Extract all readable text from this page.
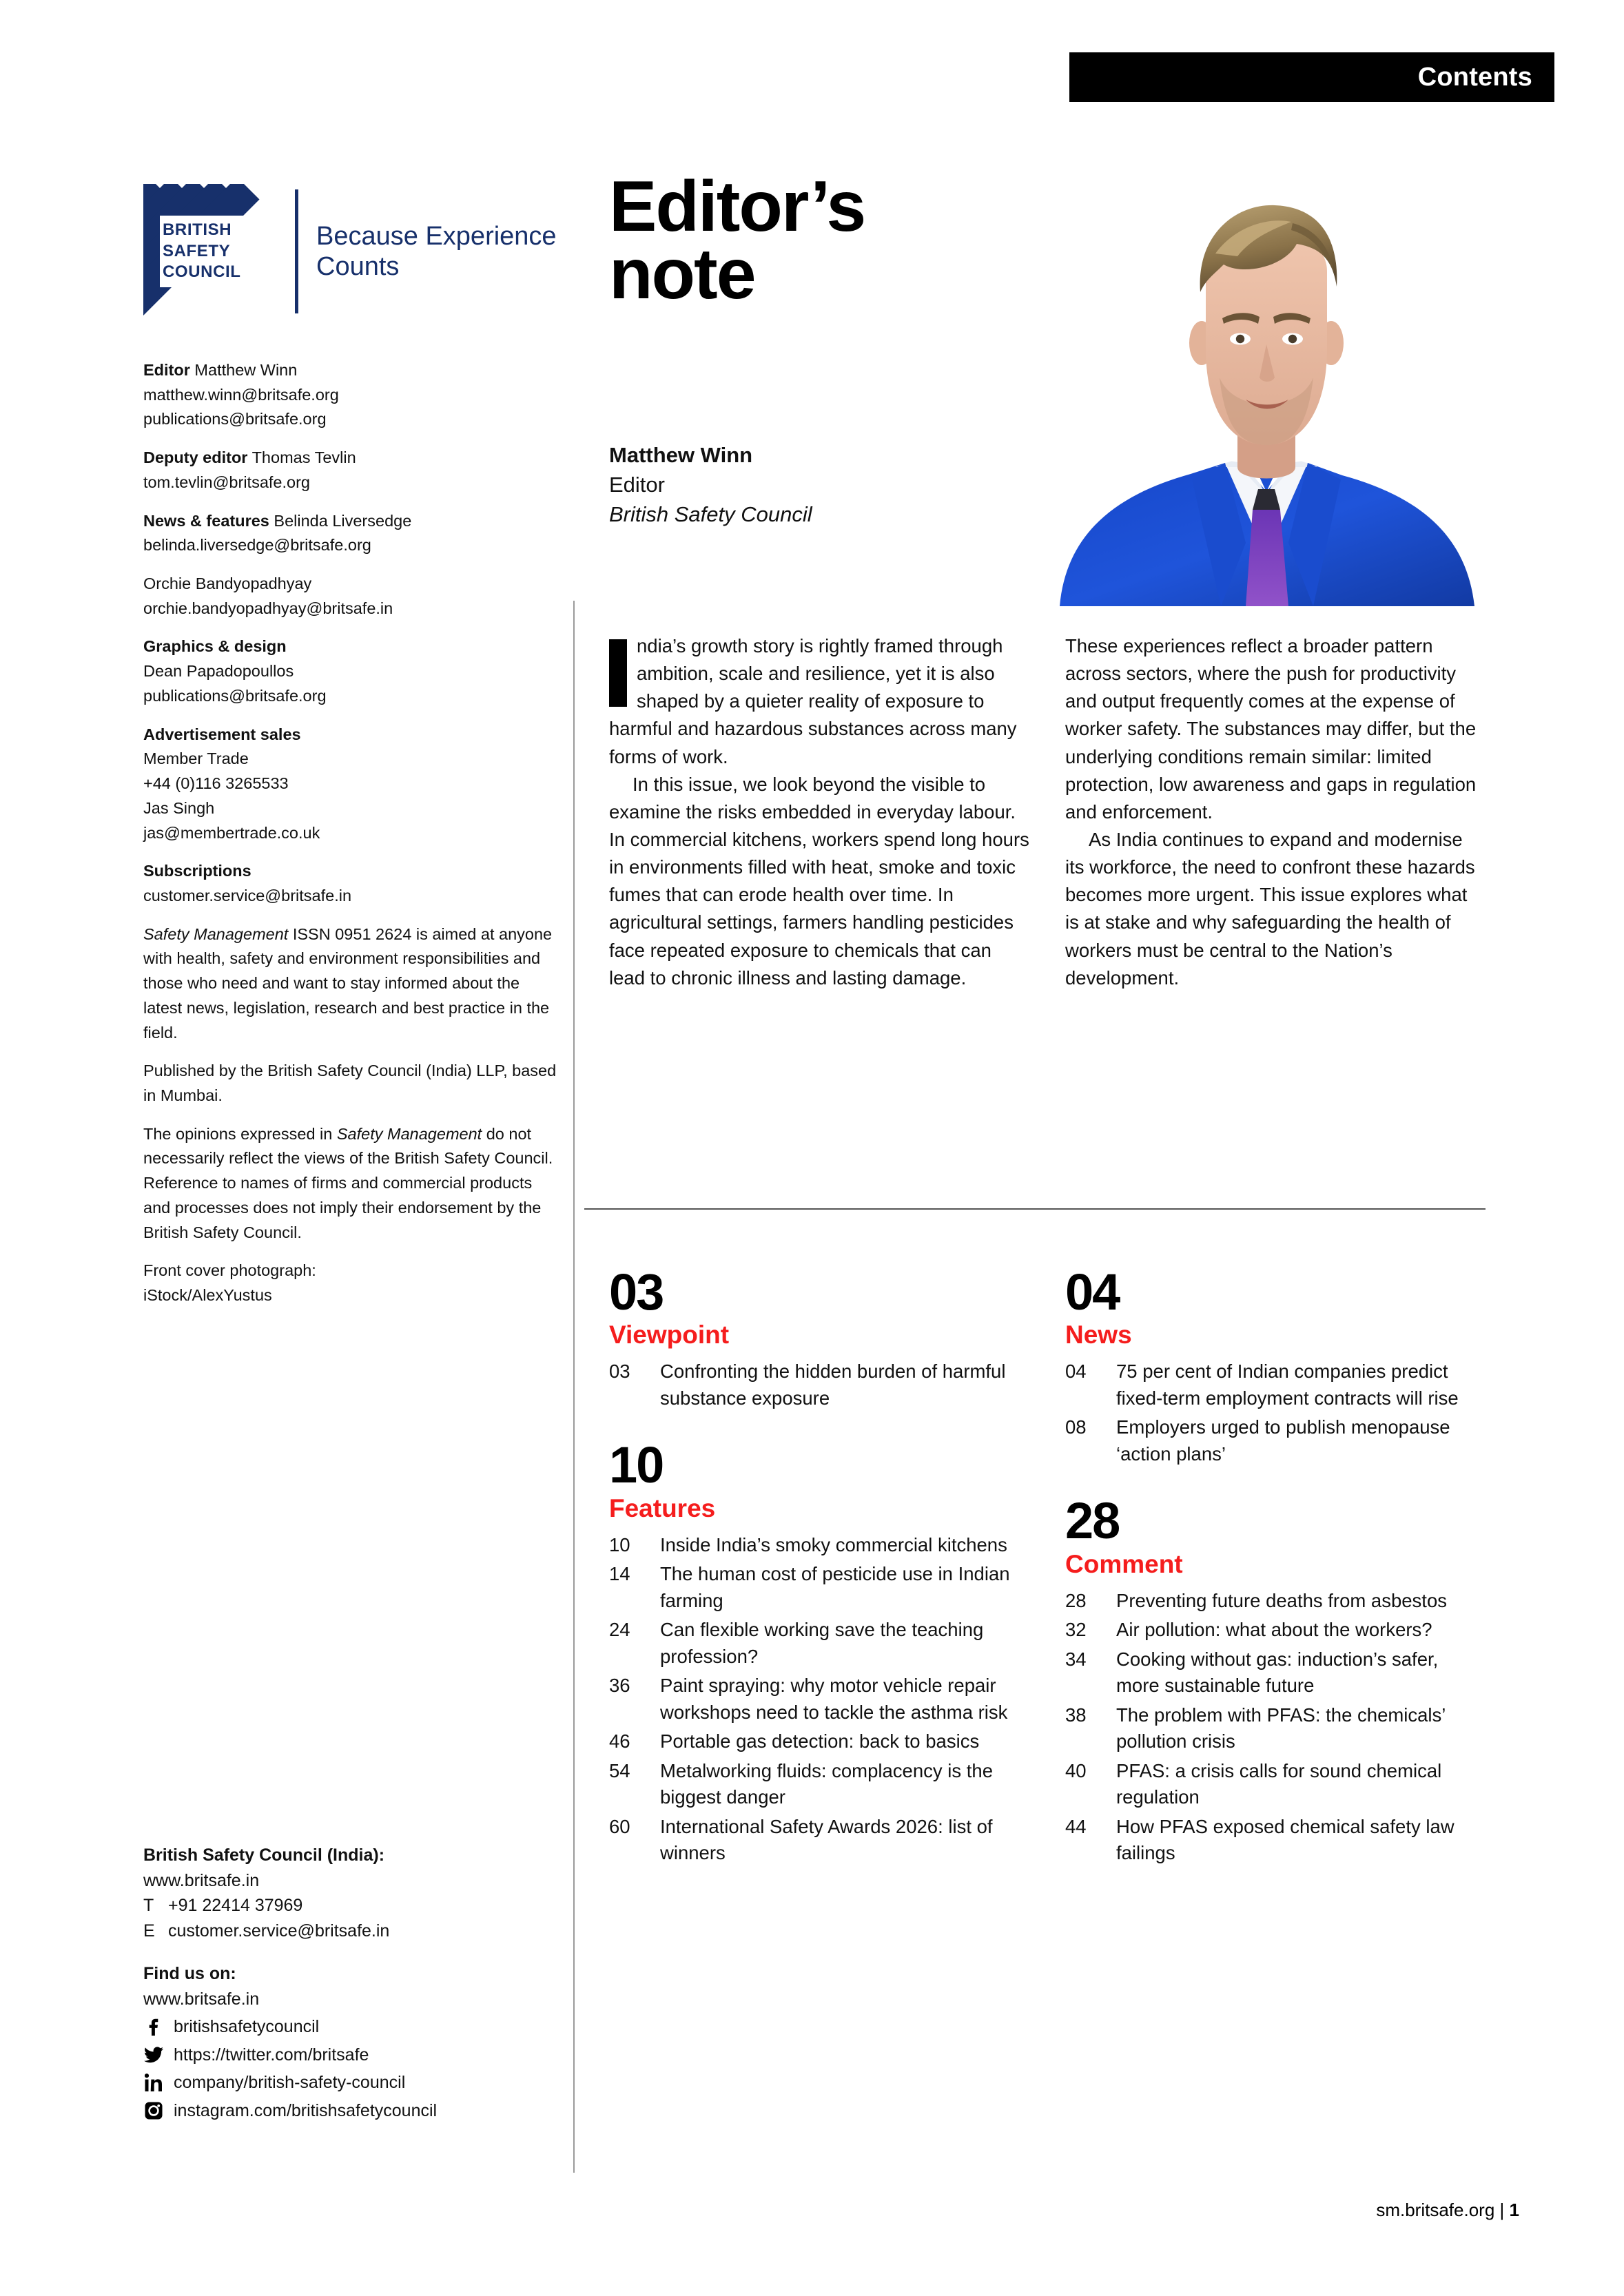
Contents
BRITISH SAFETY COUNCIL
Because Experience Counts

Editor Matthew Winn
matthew.winn@britsafe.org
publications@britsafe.org

Deputy editor Thomas Tevlin
tom.tevlin@britsafe.org

News & features Belinda Liversedge
belinda.liversedge@britsafe.org

Orchie Bandyopadhyay
orchie.bandyopadhyay@britsafe.in

Graphics & design
Dean Papadopoullos
publications@britsafe.org

Advertisement sales
Member Trade
+44 (0)116 3265533
Jas Singh
jas@membertrade.co.uk

Subscriptions
customer.service@britsafe.in

Safety Management ISSN 0951 2624 is aimed at anyone with health, safety and environment responsibilities and those who need and want to stay informed about the latest news, legislation, research and best practice in the field.

Published by the British Safety Council (India) LLP, based in Mumbai.

The opinions expressed in Safety Management do not necessarily reflect the views of the British Safety Council. Reference to names of firms and commercial products and processes does not imply their endorsement by the British Safety Council.

Front cover photograph:
iStock/AlexYustus

British Safety Council (India):
www.britsafe.in
T +91 22414 37969
E customer.service@britsafe.in
Find us on:
www.britsafe.in
britishsafetycouncil
https://twitter.com/britsafe
company/british-safety-council
instagram.com/britishsafetycouncil
Editor’s
note
Matthew Winn
Editor
British Safety Council

ndia’s growth story is rightly framed through ambition, scale and resilience, yet it is also shaped by a quieter reality of exposure to harmful and hazardous substances across many forms of work.

In this issue, we look beyond the visible to examine the risks embedded in everyday labour. In commercial kitchens, workers spend long hours in environments filled with heat, smoke and toxic fumes that can erode health over time. In agricultural settings, farmers handling pesticides face repeated exposure to chemicals that can lead to chronic illness and lasting damage.

These experiences reflect a broader pattern across sectors, where the push for productivity and output frequently comes at the expense of worker safety. The substances may differ, but the underlying conditions remain similar: limited protection, low awareness and gaps in regulation and enforcement.

As India continues to expand and modernise its workforce, the need to confront these hazards becomes more urgent. This issue explores what is at stake and why safeguarding the health of workers must be central to the Nation’s development.

03
Viewpoint
03	Confronting the hidden burden of harmful substance exposure
10
Features
10	Inside India’s smoky commercial kitchens
14	The human cost of pesticide use in Indian farming
24	Can flexible working save the teaching profession?
36	Paint spraying: why motor vehicle repair workshops need to tackle the asthma risk
46	Portable gas detection: back to basics
54	Metalworking fluids: complacency is the biggest danger
60	International Safety Awards 2026: list of winners
04
News
04	75 per cent of Indian companies predict fixed-term employment contracts will rise
08	Employers urged to publish menopause ‘action plans’
28
Comment
28	Preventing future deaths from asbestos
32	Air pollution: what about the workers?
34	Cooking without gas: induction’s safer, more sustainable future
38	The problem with PFAS: the chemicals’ pollution crisis
40	PFAS: a crisis calls for sound chemical regulation
44	How PFAS exposed chemical safety law failings
sm.britsafe.org | 1
